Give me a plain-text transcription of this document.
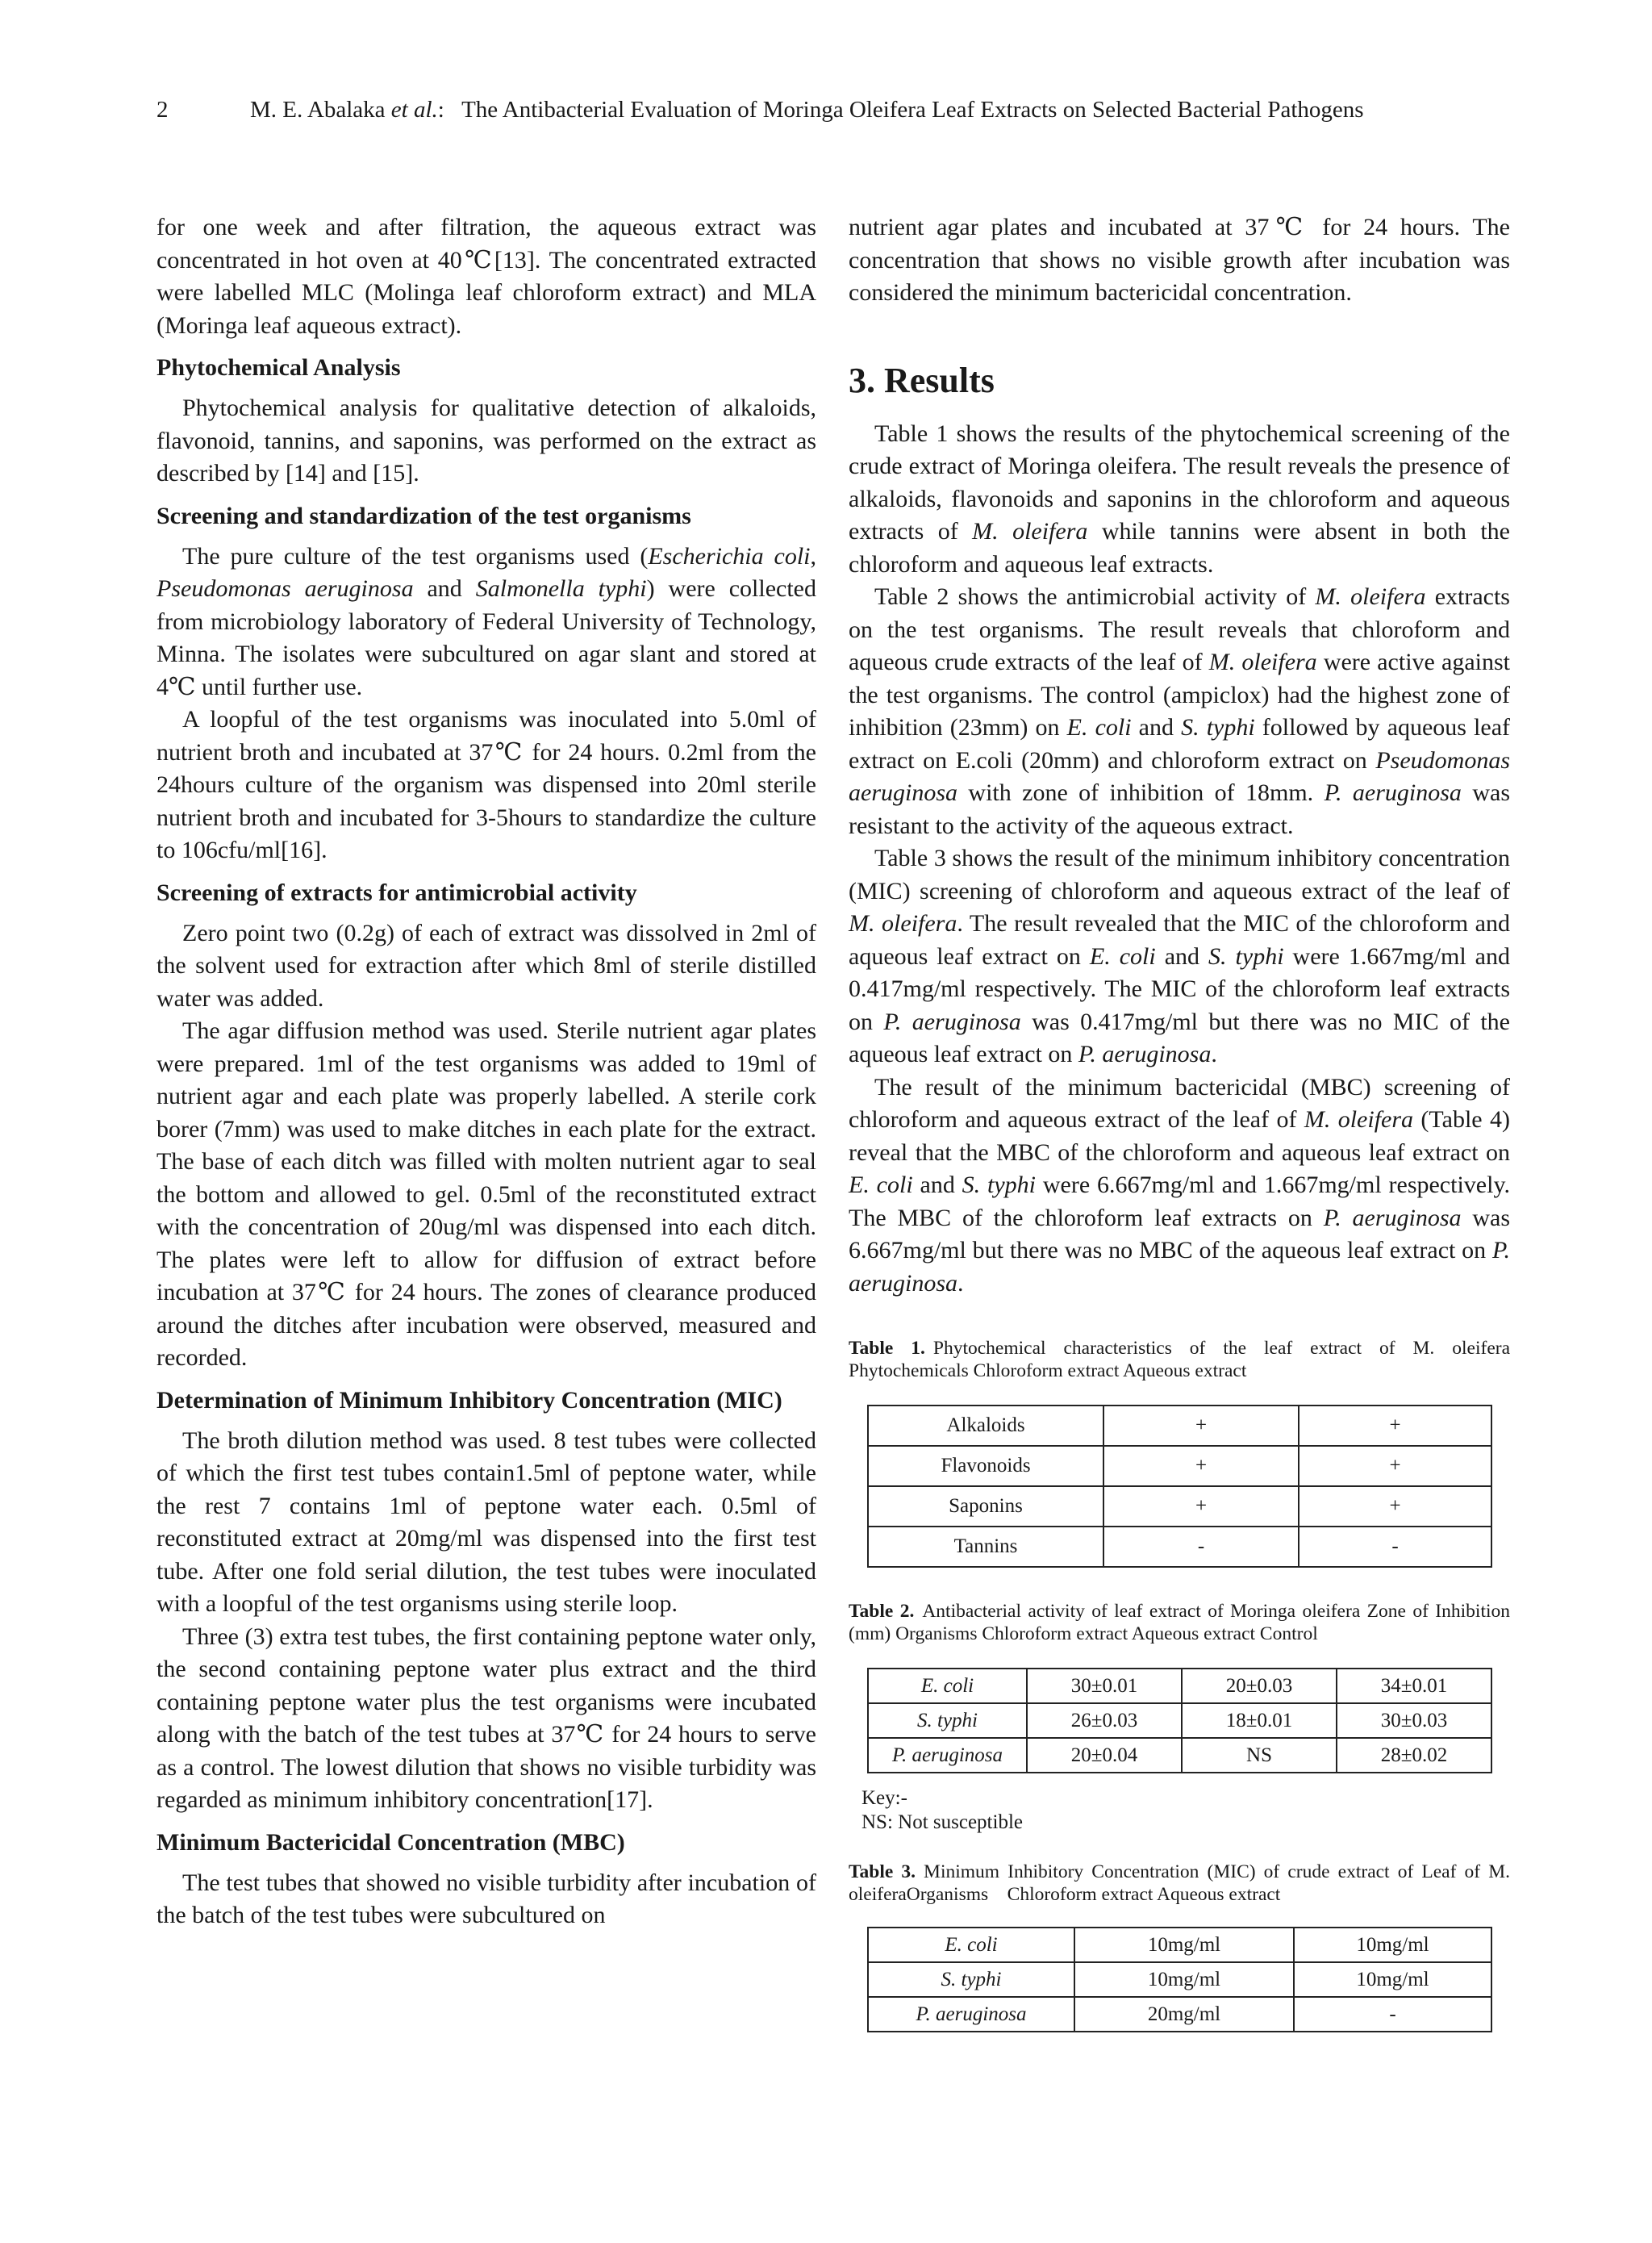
2	M. E. Abalaka et al.: The Antibacterial Evaluation of Moringa Oleifera Leaf Extracts on Selected Bacterial Pathogens

for one week and after filtration, the aqueous extract was concentrated in hot oven at 40℃[13]. The concentrated extracted were labelled MLC (Molinga leaf chloroform extract) and MLA (Moringa leaf aqueous extract).

Phytochemical Analysis

Phytochemical analysis for qualitative detection of alkaloids, flavonoid, tannins, and saponins, was performed on the extract as described by [14] and [15].

Screening and standardization of the test organisms

The pure culture of the test organisms used (Escherichia coli, Pseudomonas aeruginosa and Salmonella typhi) were collected from microbiology laboratory of Federal University of Technology, Minna. The isolates were subcultured on agar slant and stored at 4℃ until further use.

A loopful of the test organisms was inoculated into 5.0ml of nutrient broth and incubated at 37℃ for 24 hours. 0.2ml from the 24hours culture of the organism was dispensed into 20ml sterile nutrient broth and incubated for 3-5hours to standardize the culture to 106cfu/ml[16].

Screening of extracts for antimicrobial activity

Zero point two (0.2g) of each of extract was dissolved in 2ml of the solvent used for extraction after which 8ml of sterile distilled water was added.

The agar diffusion method was used. Sterile nutrient agar plates were prepared. 1ml of the test organisms was added to 19ml of nutrient agar and each plate was properly labelled. A sterile cork borer (7mm) was used to make ditches in each plate for the extract. The base of each ditch was filled with molten nutrient agar to seal the bottom and allowed to gel. 0.5ml of the reconstituted extract with the concentration of 20ug/ml was dispensed into each ditch. The plates were left to allow for diffusion of extract before incubation at 37℃ for 24 hours. The zones of clearance produced around the ditches after incubation were observed, measured and recorded.

Determination of Minimum Inhibitory Concentration (MIC)

The broth dilution method was used. 8 test tubes were collected of which the first test tubes contain1.5ml of peptone water, while the rest 7 contains 1ml of peptone water each. 0.5ml of reconstituted extract at 20mg/ml was dispensed into the first test tube. After one fold serial dilution, the test tubes were inoculated with a loopful of the test organisms using sterile loop.

Three (3) extra test tubes, the first containing peptone water only, the second containing peptone water plus extract and the third containing peptone water plus the test organisms were incubated along with the batch of the test tubes at 37℃ for 24 hours to serve as a control. The lowest dilution that shows no visible turbidity was regarded as minimum inhibitory concentration[17].

Minimum Bactericidal Concentration (MBC)

The test tubes that showed no visible turbidity after incubation of the batch of the test tubes were subcultured on

nutrient agar plates and incubated at 37℃ for 24 hours. The concentration that shows no visible growth after incubation was considered the minimum bactericidal concentration.

3. Results

Table 1 shows the results of the phytochemical screening of the crude extract of Moringa oleifera. The result reveals the presence of alkaloids, flavonoids and saponins in the chloroform and aqueous extracts of M. oleifera while tannins were absent in both the chloroform and aqueous leaf extracts.

Table 2 shows the antimicrobial activity of M. oleifera extracts on the test organisms. The result reveals that chloroform and aqueous crude extracts of the leaf of M. oleifera were active against the test organisms. The control (ampiclox) had the highest zone of inhibition (23mm) on E. coli and S. typhi followed by aqueous leaf extract on E.coli (20mm) and chloroform extract on Pseudomonas aeruginosa with zone of inhibition of 18mm. P. aeruginosa was resistant to the activity of the aqueous extract.

Table 3 shows the result of the minimum inhibitory concentration (MIC) screening of chloroform and aqueous extract of the leaf of M. oleifera. The result revealed that the MIC of the chloroform and aqueous leaf extract on E. coli and S. typhi were 1.667mg/ml and 0.417mg/ml respectively. The MIC of the chloroform leaf extracts on P. aeruginosa was 0.417mg/ml but there was no MIC of the aqueous leaf extract on P. aeruginosa.

The result of the minimum bactericidal (MBC) screening of chloroform and aqueous extract of the leaf of M. oleifera (Table 4) reveal that the MBC of the chloroform and aqueous leaf extract on E. coli and S. typhi were 6.667mg/ml and 1.667mg/ml respectively. The MBC of the chloroform leaf extracts on P. aeruginosa was 6.667mg/ml but there was no MBC of the aqueous leaf extract on P. aeruginosa.

Table 1. Phytochemical characteristics of the leaf extract of M. oleifera Phytochemicals Chloroform extract Aqueous extract
Alkaloids	+	+
Flavonoids	+	+
Saponins	+	+
Tannins	-	-
Table 2. Antibacterial activity of leaf extract of Moringa oleifera Zone of Inhibition (mm) Organisms Chloroform extract Aqueous extract Control
E. coli	30±0.01	20±0.03	34±0.01
S. typhi	26±0.03	18±0.01	30±0.03
P. aeruginosa	20±0.04	NS	28±0.02
Key:-
NS: Not susceptible
Table 3. Minimum Inhibitory Concentration (MIC) of crude extract of Leaf of M. oleiferaOrganisms    Chloroform extract Aqueous extract
E. coli	10mg/ml	10mg/ml
S. typhi	10mg/ml	10mg/ml
P. aeruginosa	20mg/ml	-
